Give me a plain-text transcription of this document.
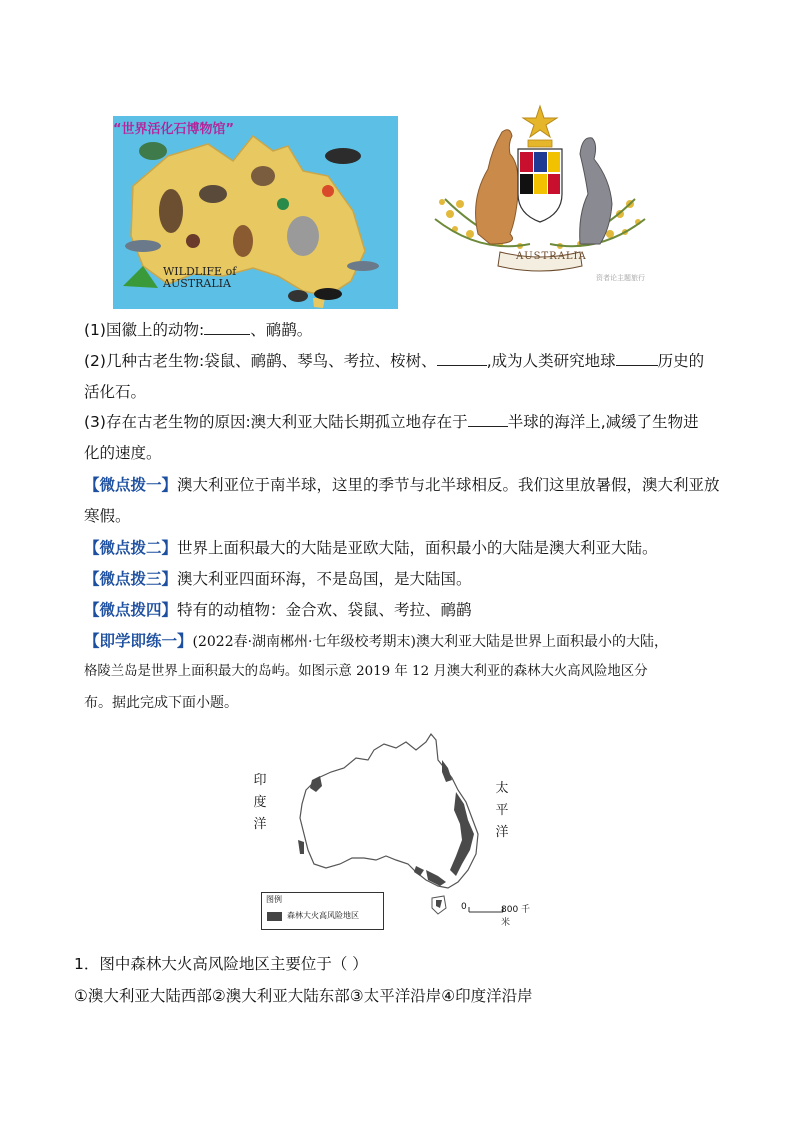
“世界活化石博物馆”
WILDLIFE of
AUSTRALIA
AUSTRALIA
资者论主题旅行
(1)国徽上的动物:	、鸸鹋。
(2)几种古老生物:袋鼠、鸸鹋、琴鸟、考拉、桉树、	,成为人类研究地球	历史的
活化石。
(3)存在古老生物的原因:澳大利亚大陆长期孤立地存在于	半球的海洋上,减缓了生物进
化的速度。
【微点拨一】澳大利亚位于南半球，这里的季节与北半球相反。我们这里放暑假，澳大利亚放
寒假。
【微点拨二】世界上面积最大的大陆是亚欧大陆，面积最小的大陆是澳大利亚大陆。
【微点拨三】澳大利亚四面环海，不是岛国，是大陆国。
【微点拨四】特有的动植物：金合欢、袋鼠、考拉、鸸鹋
【即学即练一】(2022春·湖南郴州·七年级校考期末)澳大利亚大陆是世界上面积最小的大陆，
格陵兰岛是世界上面积最大的岛屿。如图示意 2019 年 12 月澳大利亚的森林大火高风险地区分
布。据此完成下面小题。
印
度
洋
太
平
洋
图例
森林大火高风险地区
0	800 千米
1．图中森林大火高风险地区主要位于（ ）
①澳大利亚大陆西部②澳大利亚大陆东部③太平洋沿岸④印度洋沿岸
